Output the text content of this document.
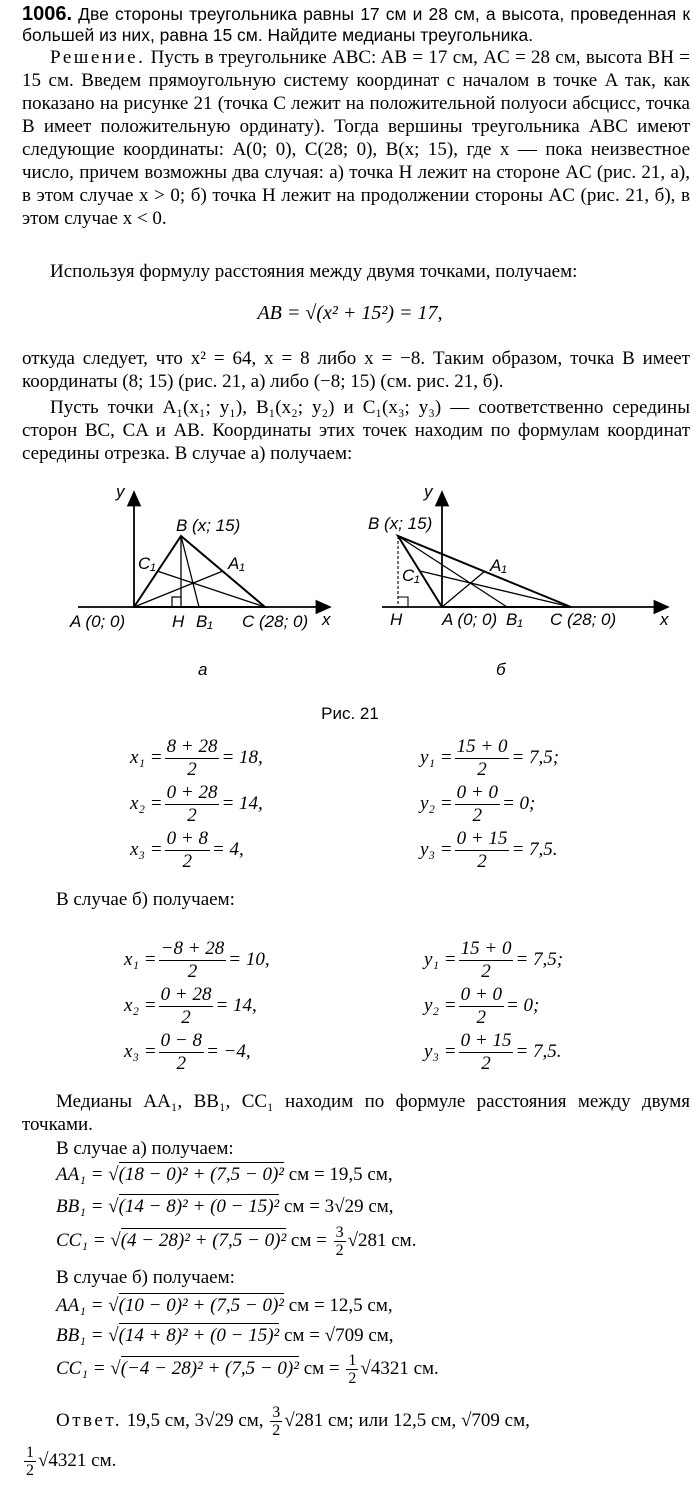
1006. Две стороны треугольника равны 17 см и 28 см, а высота, проведенная к большей из них, равна 15 см. Найдите медианы треугольника.
Решение. Пусть в треугольнике ABC: AB = 17 см, AC = 28 см, высота BH = 15 см. Введем прямоугольную систему координат с началом в точке A так, как показано на рисунке 21 (точка C лежит на положительной полуоси абсцисс, точка B имеет положительную ординату). Тогда вершины треугольника ABC имеют следующие координаты: A(0; 0), C(28; 0), B(x; 15), где x — пока неизвестное число, причем возможны два случая: а) точка H лежит на стороне AC (рис. 21, а), в этом случае x > 0; б) точка H лежит на продолжении стороны AC (рис. 21, б), в этом случае x < 0.
Используя формулу расстояния между двумя точками, получаем:
AB = √(x² + 15²) = 17,
откуда следует, что x² = 64, x = 8 либо x = −8. Таким образом, точка B имеет координаты (8; 15) (рис. 21, а) либо (−8; 15) (см. рис. 21, б).
Пусть точки A₁(x₁; y₁), B₁(x₂; y₂) и C₁(x₃; y₃) — соответственно середины сторон BC, CA и AB. Координаты этих точек находим по формулам координат середины отрезка. В случае а) получаем:
y
x
B (x; 15)
C₁	A₁
A (0; 0)	H B₁ C (28; 0)
а
y
x
B (x; 15)
C₁
A₁
H A (0; 0) B₁ C (28; 0)
б
Рис. 21
$x_1 = \frac{8 + 28}{2} = 18$,
$x_2 = \frac{0 + 28}{2} = 14$,
$x_3 = \frac{0 + 8}{2} = 4$,
$y_1 = \frac{15 + 0}{2} = 7,5$;
$y_2 = \frac{0 + 0}{2} = 0$;
$y_3 = \frac{0 + 15}{2} = 7,5$.
В случае б) получаем:
$x_1 = \frac{-8 + 28}{2} = 10$,
$x_2 = \frac{0 + 28}{2} = 14$,
$x_3 = \frac{0 - 8}{2} = -4$,
$y_1 = \frac{15 + 0}{2} = 7,5$;
$y_2 = \frac{0 + 0}{2} = 0$;
$y_3 = \frac{0 + 15}{2} = 7,5$.
Медианы AA₁, BB₁, CC₁ находим по формуле расстояния между двумя точками.
В случае а) получаем:
AA₁ = √(18 − 0)² + (7,5 − 0)² см = 19,5 см,
BB₁ = √(14 − 8)² + (0 − 15)² см = 3√29 см,
CC₁ = √(4 − 28)² + (7,5 − 0)² см = $\frac{3}{2} √281$ см.
В случае б) получаем:
AA₁ = √(10 − 0)² + (7,5 − 0)² см = 12,5 см,
BB₁ = √(14 + 8)² + (0 − 15)² см = √709 см,
CC₁ = √(−4 − 28)² + (7,5 − 0)² см = $\frac{1}{2} √4321$ см.
Ответ. 19,5 см, 3√29 см, $\frac{3}{2} √281$ см; или 12,5 см, √709 см,
$\frac{1}{2} √4321$ см.
